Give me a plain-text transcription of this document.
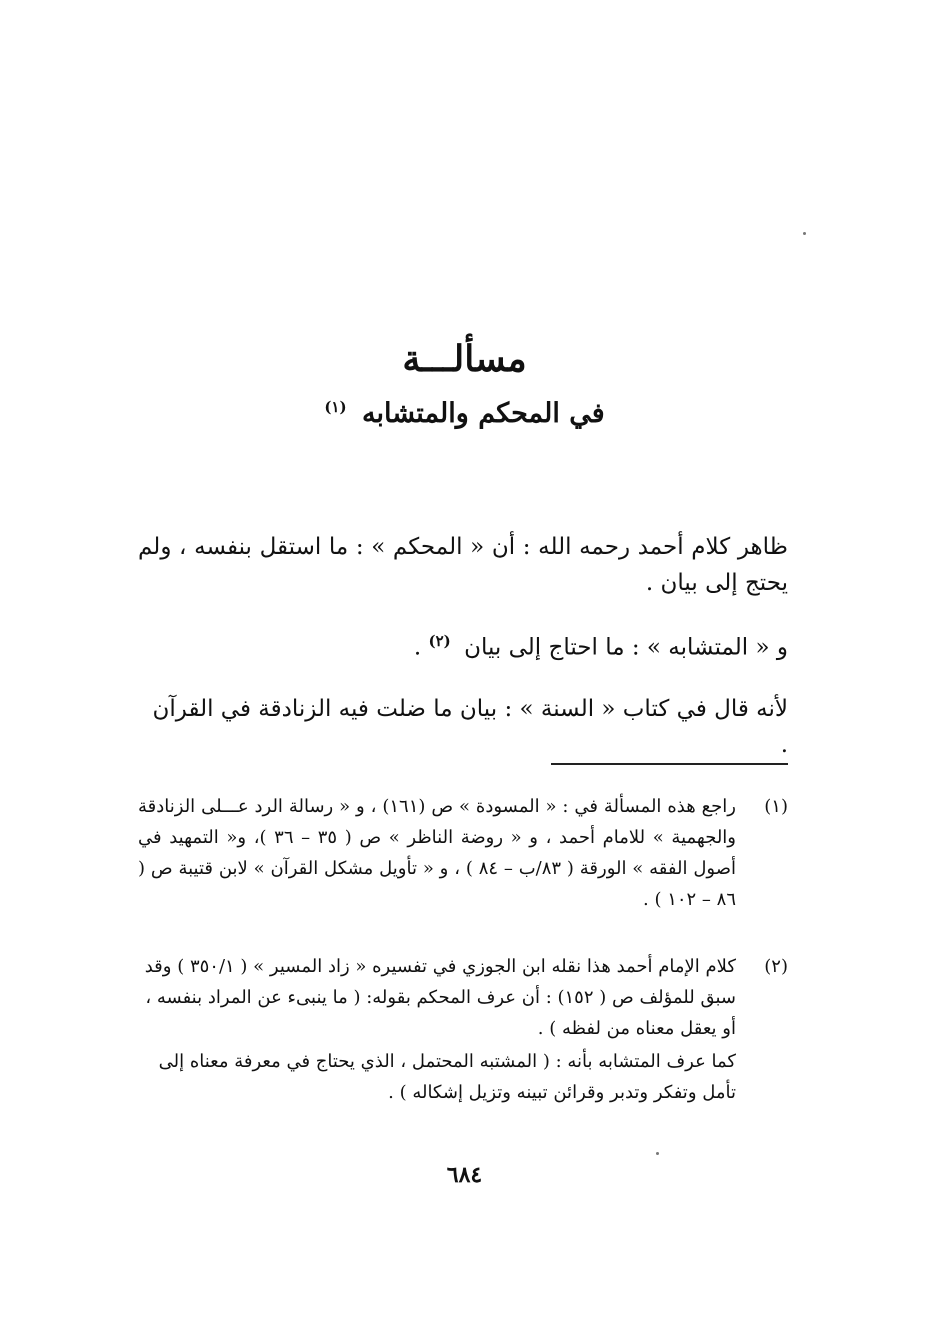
مسألـــة
في المحكم والمتشابه $^{(١)}$
ظاهر كلام أحمد رحمه الله : أن « المحكم » : ما استقل بنفسه ، ولم يحتج إلى بيان .
و « المتشابه » : ما احتاج إلى بيان $^{(٢)}$ .
لأنه قال في كتاب « السنة » : بيان ما ضلت فيه الزنادقة في القرآن .
(١)
راجع هذه المسألة في : « المسودة » ص (١٦١) ، و « رسالة الرد عـــلى الزنادقة والجهمية » للامام أحمد ، و « روضة الناظر » ص ( ٣٥ – ٣٦ )، و« التمهيد في أصول الفقه » الورقة ( ٨٣/ب – ٨٤ ) ، و « تأويل مشكل القرآن » لابن قتيبة ص ( ٨٦ – ١٠٢ ) .
(٢)
كلام الإمام أحمد هذا نقله ابن الجوزي في تفسيره « زاد المسير » ( ٣٥٠/١ ) وقد سبق للمؤلف ص ( ١٥٢) : أن عرف المحكم بقوله: ( ما ينبىء عن المراد بنفسه ، أو يعقل معناه من لفظه ) .
كما عرف المتشابه بأنه : ( المشتبه المحتمل ، الذي يحتاج في معرفة معناه إلى تأمل وتفكر وتدبر وقرائن تبينه وتزيل إشكاله ) .
٦٨٤
